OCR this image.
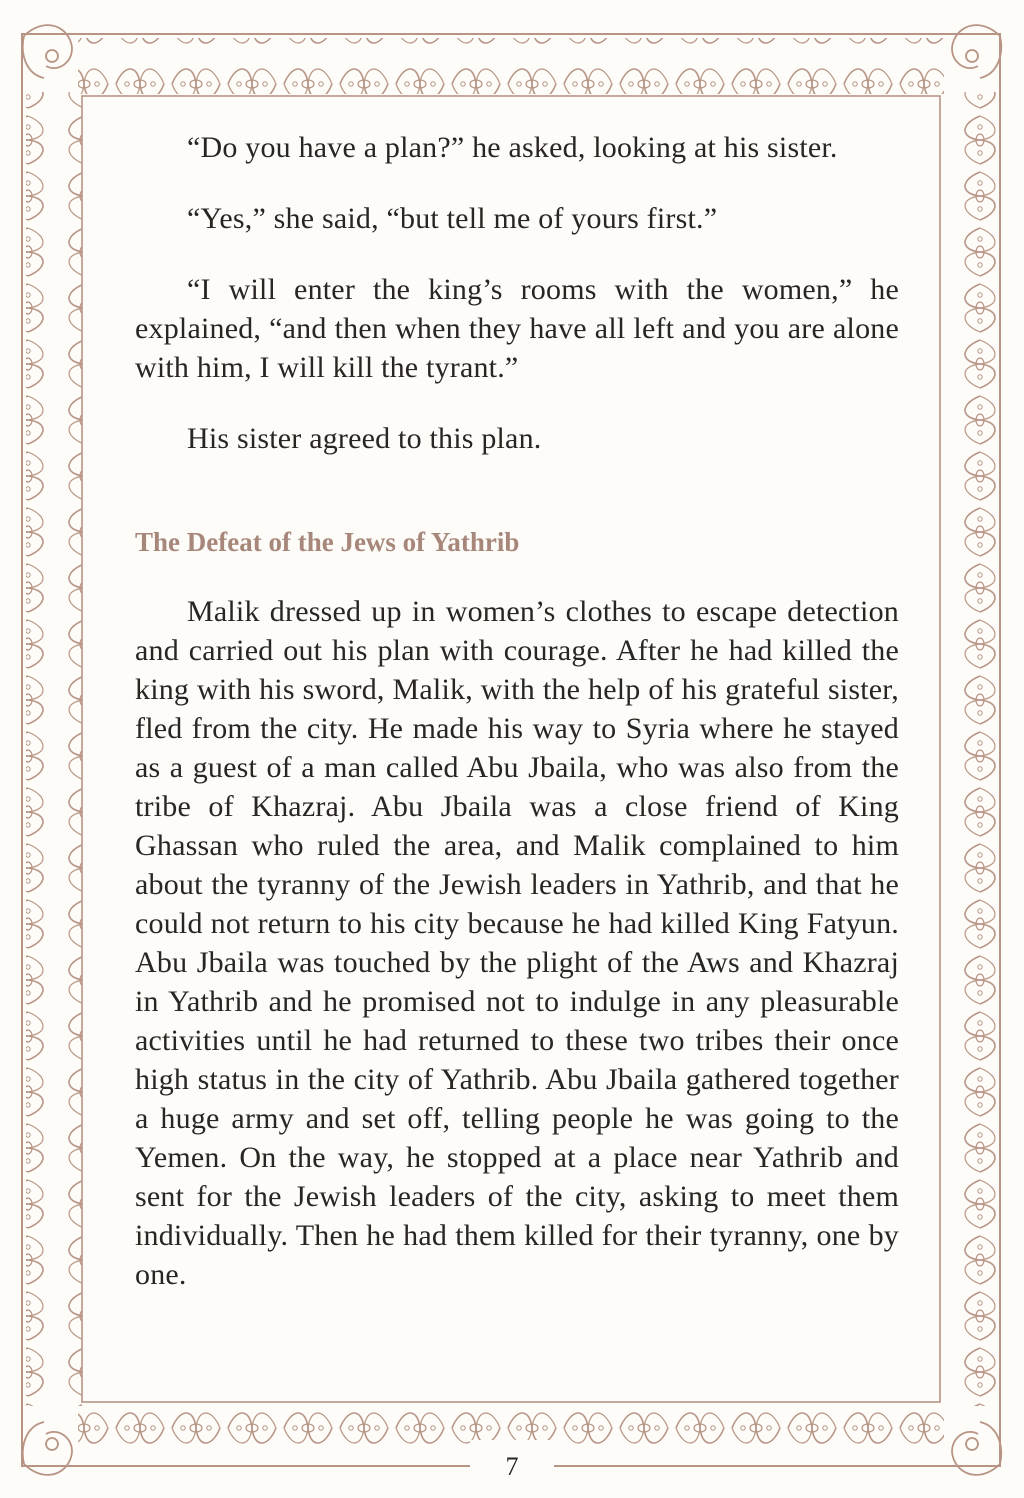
“Do you have a plan?” he asked, looking at his sister.

“Yes,” she said, “but tell me of yours first.”

“I will enter the king’s rooms with the women,” he explained, “and then when they have all left and you are alone with him, I will kill the tyrant.”

His sister agreed to this plan.

The Defeat of the Jews of Yathrib

Malik dressed up in women’s clothes to escape detection and carried out his plan with courage. After he had killed the king with his sword, Malik, with the help of his grateful sister, fled from the city. He made his way to Syria where he stayed as a guest of a man called Abu Jbaila, who was also from the tribe of Khazraj. Abu Jbaila was a close friend of King Ghassan who ruled the area, and Malik complained to him about the tyranny of the Jewish leaders in Yathrib, and that he could not return to his city because he had killed King Fatyun. Abu Jbaila was touched by the plight of the Aws and Khazraj in Yathrib and he promised not to indulge in any pleasurable activities until he had returned to these two tribes their once high status in the city of Yathrib. Abu Jbaila gathered together a huge army and set off, telling people he was going to the Yemen. On the way, he stopped at a place near Yathrib and sent for the Jewish leaders of the city, asking to meet them individually. Then he had them killed for their tyranny, one by one.

7
